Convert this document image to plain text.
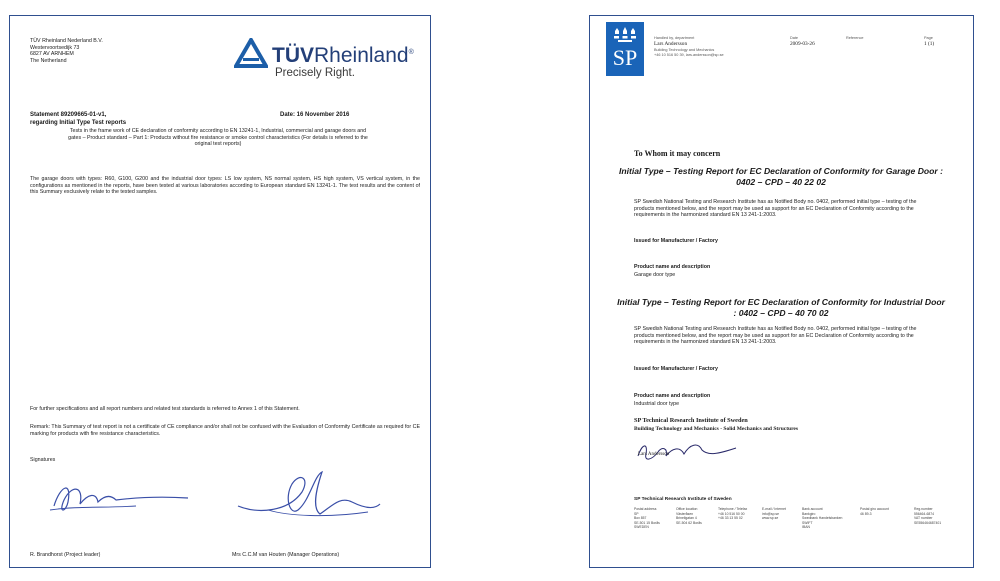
TÜV Rheinland Nederland B.V.
Westervoortsedijk 73
6827 AV ARNHEM
The Netherland	TÜVRheinland®
Precisely Right.
Statement 89209665-01-v1,
regarding Initial Type Test reports
Date: 16 November 2016
Tests in the frame work of CE declaration of conformity according to EN 13241-1, Industrial, commercial and garage doors and gates – Product standard – Part 1: Products without fire resistance or smoke control characteristics (For details is referred to the original test reports)
The garage doors with types: R60, G100, G200 and the industrial door types: LS low system, NS normal system, HS high system, VS vertical system, in the configurations as mentioned in the reports, have been tested at various laboratories according to European standard EN 13241-1. The test results and the content of this Summary exclusively relate to the tested samples.
For further specifications and all report numbers and related test standards is referred to Annex 1 of this Statement.
Remark: This Summary of test report is not a certificate of CE compliance and/or shall not be confused with the Evaluation of Conformity Certificate as required for CE marking for products with fire resistance characteristics.
Signatures
R. Brandhorst (Project leader)	Mrs C.C.M van Houten (Manager Operations)
SP
Handled by, department
Lars Andersson
Building Technology and Mechanics
+46 10 516 50 39, lars.andersson@sp.se
Date
2009-03-26
Reference	Page
1 (1)
To Whom it may concern
Initial Type – Testing Report for EC Declaration of Conformity for Garage Door : 0402 – CPD – 40 22 02
SP Swedish National Testing and Research Institute has as Notified Body no. 0402, performed initial type – testing of the products mentioned below, and the report may be used as support for an EC Declaration of Conformity according to the requirements in the harmonized standard EN 13 241-1:2003.
Issued for Manufacturer / Factory
Product name and description
Garage door type
Initial Type – Testing Report for EC Declaration of Conformity for Industrial Door : 0402 – CPD – 40 70 02
SP Swedish National Testing and Research Institute has as Notified Body no. 0402, performed initial type – testing of the products mentioned below, and the report may be used as support for an EC Declaration of Conformity according to the requirements in the harmonized standard EN 13 241-1:2003.
Issued for Manufacturer / Factory
Product name and description
Industrial door type
SP Technical Research Institute of Sweden
Building Technology and Mechanics - Solid Mechanics and Structures
Lars Andersson
SP Technical Research Institute of Sweden
Postal address
SP
Box 857
SE-501 15 Borås
SWEDEN
Office location
Västeråsen
Brinellgatan 4
SE-504 62 Borås
Telephone / Telefax
+46 10 516 50 00
+46 33 13 55 02
E-mail / Internet
info@sp.se
www.sp.se
Bank account
Bankgiro
Swedbank Handelsbanken
SWIFT
IBAN
Postal giro account
46 89-3
Reg.number
556464-6874
VAT number
SE556464687401
